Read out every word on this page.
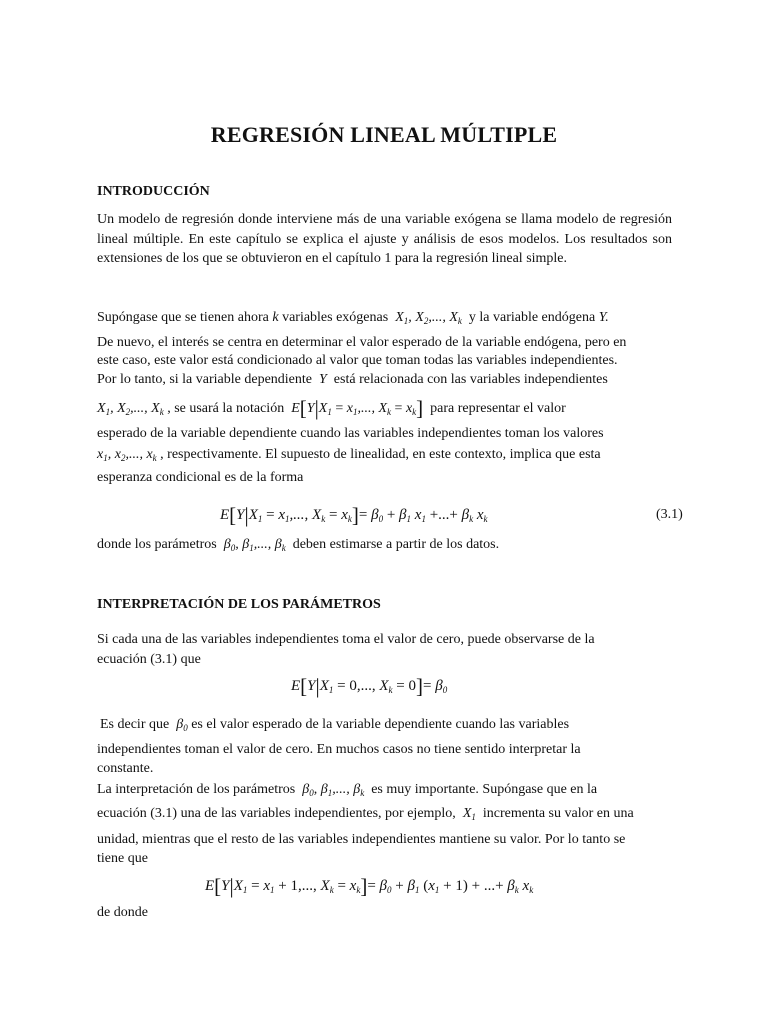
REGRESIÓN LINEAL MÚLTIPLE
INTRODUCCIÓN
Un modelo de regresión donde interviene más de una variable exógena se llama modelo de regresión lineal múltiple. En este capítulo se explica el ajuste y análisis de esos modelos. Los resultados son extensiones de los que se obtuvieron en el capítulo 1 para la regresión lineal simple.
Supóngase que se tienen ahora k variables exógenas $X_1$, $X_2$,..., $X_k$ y la variable endógena Y.
De nuevo, el interés se centra en determinar el valor esperado de la variable endógena, pero en
este caso, este valor está condicionado al valor que toman todas las variables independientes.
Por lo tanto, si la variable dependiente Y está relacionada con las variables independientes
$X_1$, $X_2$,..., $X_k$ , se usará la notación $E[Y|X_1 = x_1$,..., $X_k = x_k$] para representar el valor
esperado de la variable dependiente cuando las variables independientes toman los valores
$x_1$, $x_2$,..., $x_k$ , respectivamente. El supuesto de linealidad, en este contexto, implica que esta
esperanza condicional es de la forma
$E[Y|X_1 = x_1$,..., $X_k = x_k]= \beta_0 + \beta_1$ $x_1$ +...+ $\beta_k$ $x_k$	(3.1)
donde los parámetros $\beta_0$, $\beta_1$,..., $\beta_k$ deben estimarse a partir de los datos.
INTERPRETACIÓN DE LOS PARÁMETROS
Si cada una de las variables independientes toma el valor de cero, puede observarse de la
ecuación (3.1) que
$E[Y|X_1 = 0$,..., $X_k = 0]= \beta_0$
Es decir que $\beta_0$ es el valor esperado de la variable dependiente cuando las variables
independientes toman el valor de cero. En muchos casos no tiene sentido interpretar la
constante.
La interpretación de los parámetros $\beta_0$, $\beta_1$,..., $\beta_k$ es muy importante. Supóngase que en la
ecuación (3.1) una de las variables independientes, por ejemplo, $X_1$ incrementa su valor en una
unidad, mientras que el resto de las variables independientes mantiene su valor. Por lo tanto se
tiene que
$E[Y|X_1 = x_1 + 1$,..., $X_k = x_k]= \beta_0 + \beta_1$ $(x_1 + 1)$ + ...+ $\beta_k$ $x_k$
de donde
